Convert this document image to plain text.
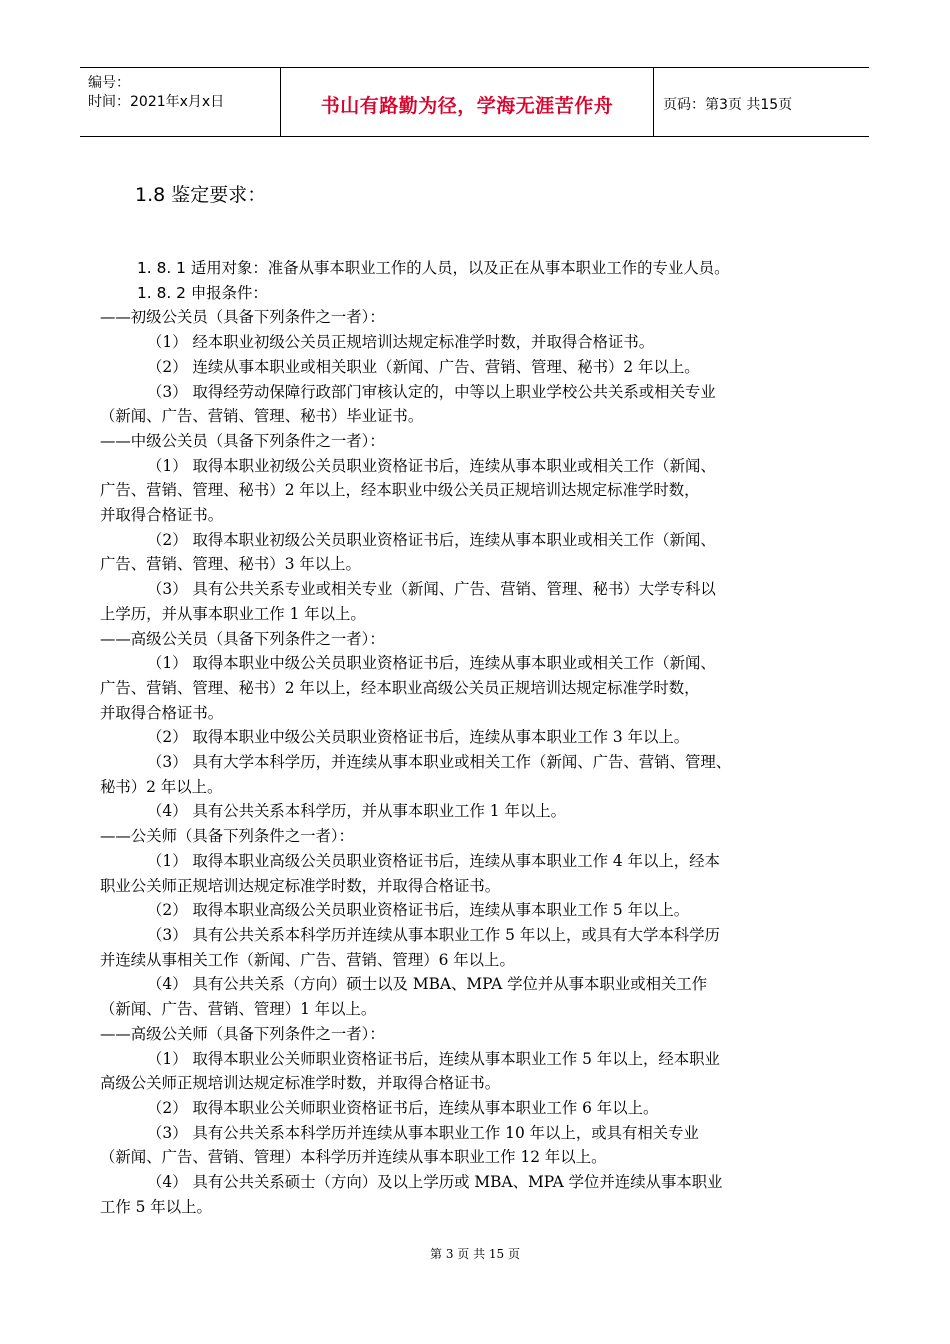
编号：
时间：2021年x月x日	书山有路勤为径，学海无涯苦作舟	页码：第3页 共15页
1.8 鉴定要求：

1. 8. 1 适用对象：准备从事本职业工作的人员，以及正在从事本职业工作的专业人员。

1. 8. 2 申报条件：

——初级公关员（具备下列条件之一者）：

（1） 经本职业初级公关员正规培训达规定标准学时数，并取得合格证书。

（2） 连续从事本职业或相关职业（新闻、广告、营销、管理、秘书）2 年以上。

（3） 取得经劳动保障行政部门审核认定的，中等以上职业学校公共关系或相关专业

（新闻、广告、营销、管理、秘书）毕业证书。

——中级公关员（具备下列条件之一者）：

（1） 取得本职业初级公关员职业资格证书后，连续从事本职业或相关工作（新闻、

广告、营销、管理、秘书）2 年以上，经本职业中级公关员正规培训达规定标准学时数，

并取得合格证书。

（2） 取得本职业初级公关员职业资格证书后，连续从事本职业或相关工作（新闻、

广告、营销、管理、秘书）3 年以上。

（3） 具有公共关系专业或相关专业（新闻、广告、营销、管理、秘书）大学专科以

上学历，并从事本职业工作 1 年以上。

——高级公关员（具备下列条件之一者）：

（1） 取得本职业中级公关员职业资格证书后，连续从事本职业或相关工作（新闻、

广告、营销、管理、秘书）2 年以上，经本职业高级公关员正规培训达规定标准学时数，

并取得合格证书。

（2） 取得本职业中级公关员职业资格证书后，连续从事本职业工作 3 年以上。

（3） 具有大学本科学历，并连续从事本职业或相关工作（新闻、广告、营销、管理、

秘书）2 年以上。

（4） 具有公共关系本科学历，并从事本职业工作 1 年以上。

——公关师（具备下列条件之一者）：

（1） 取得本职业高级公关员职业资格证书后，连续从事本职业工作 4 年以上，经本

职业公关师正规培训达规定标准学时数，并取得合格证书。

（2） 取得本职业高级公关员职业资格证书后，连续从事本职业工作 5 年以上。

（3） 具有公共关系本科学历并连续从事本职业工作 5 年以上，或具有大学本科学历

并连续从事相关工作（新闻、广告、营销、管理）6 年以上。

（4） 具有公共关系（方向）硕士以及 MBA、MPA 学位并从事本职业或相关工作

（新闻、广告、营销、管理）1 年以上。

——高级公关师（具备下列条件之一者）：

（1） 取得本职业公关师职业资格证书后，连续从事本职业工作 5 年以上，经本职业

高级公关师正规培训达规定标准学时数，并取得合格证书。

（2） 取得本职业公关师职业资格证书后，连续从事本职业工作 6 年以上。

（3） 具有公共关系本科学历并连续从事本职业工作 10 年以上，或具有相关专业

（新闻、广告、营销、管理）本科学历并连续从事本职业工作 12 年以上。

（4） 具有公共关系硕士（方向）及以上学历或 MBA、MPA 学位并连续从事本职业

工作 5 年以上。

第 3 页 共 15 页
